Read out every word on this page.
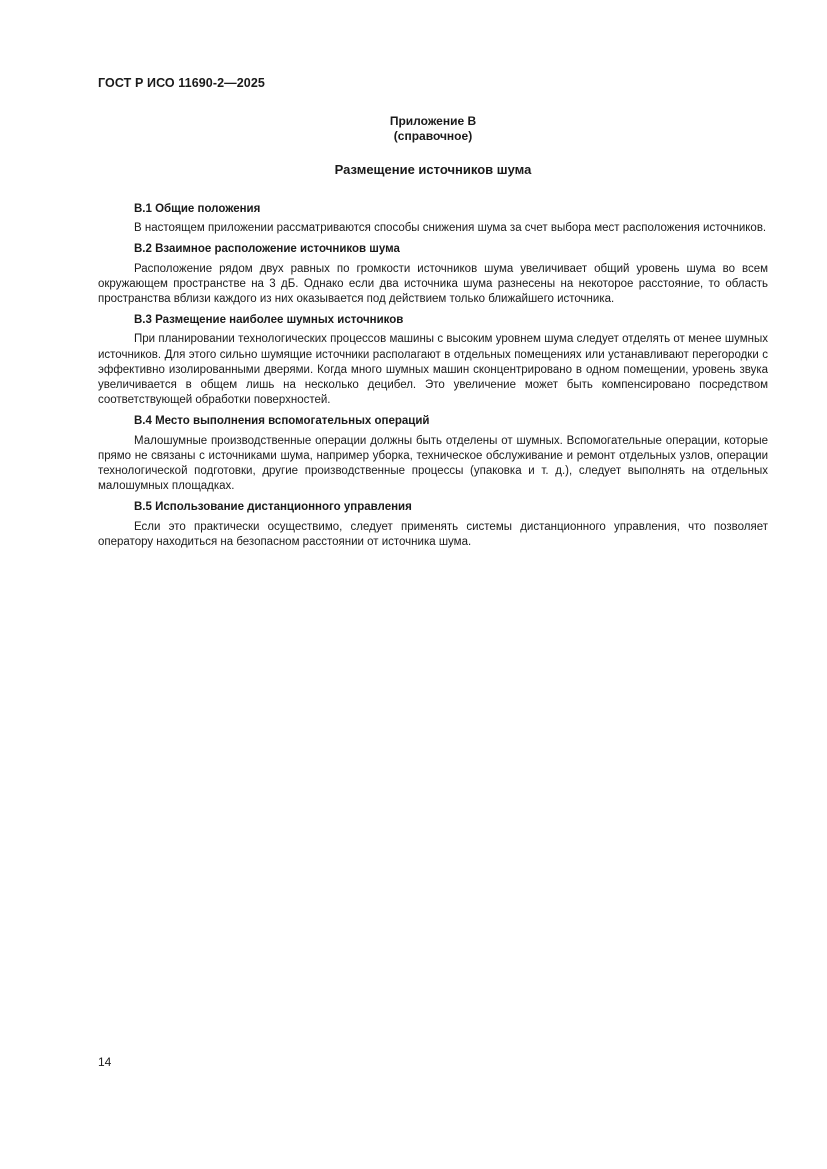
ГОСТ Р ИСО 11690-2—2025
Приложение В
(справочное)
Размещение источников шума

В.1 Общие положения

В настоящем приложении рассматриваются способы снижения шума за счет выбора мест расположения источников.

В.2 Взаимное расположение источников шума

Расположение рядом двух равных по громкости источников шума увеличивает общий уровень шума во всем окружающем пространстве на 3 дБ. Однако если два источника шума разнесены на некоторое расстояние, то область пространства вблизи каждого из них оказывается под действием только ближайшего источника.

В.3 Размещение наиболее шумных источников

При планировании технологических процессов машины с высоким уровнем шума следует отделять от менее шумных источников. Для этого сильно шумящие источники располагают в отдельных помещениях или устанавливают перегородки с эффективно изолированными дверями. Когда много шумных машин сконцентрировано в одном помещении, уровень звука увеличивается в общем лишь на несколько децибел. Это увеличение может быть компенсировано посредством соответствующей обработки поверхностей.

В.4 Место выполнения вспомогательных операций

Малошумные производственные операции должны быть отделены от шумных. Вспомогательные операции, которые прямо не связаны с источниками шума, например уборка, техническое обслуживание и ремонт отдельных узлов, операции технологической подготовки, другие производственные процессы (упаковка и т. д.), следует выполнять на отдельных малошумных площадках.

В.5 Использование дистанционного управления

Если это практически осуществимо, следует применять системы дистанционного управления, что позволяет оператору находиться на безопасном расстоянии от источника шума.

14
